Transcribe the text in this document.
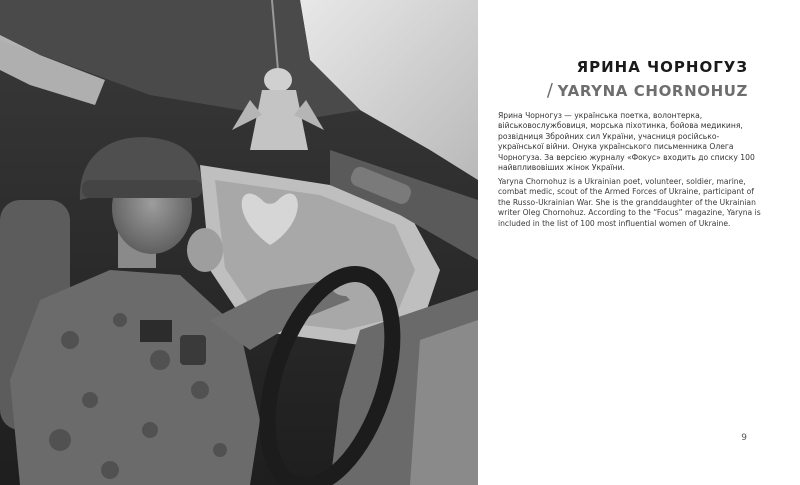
ЯРИНА ЧОРНОГУЗ
/ YARYNA CHORNOHUZ

Ярина Чорногуз — українська поетка, волонтерка, військовослужбовиця, морська піхотинка, бойова медикиня, розвідниця Збройних сил України, учасниця російсько-української війни. Онука українського письменника Олега Чорногуза. За версією журналу «Фокус» входить до списку 100 найвпливовіших жінок України.

Yaryna Chornohuz is a Ukrainian poet, volunteer, soldier, marine, combat medic, scout of the Armed Forces of Ukraine, participant of the Russo-Ukrainian War. She is the granddaughter of the Ukrainian writer Oleg Chornohuz. According to the “Focus” magazine, Yaryna is included in the list of 100 most influential women of Ukraine.

9
